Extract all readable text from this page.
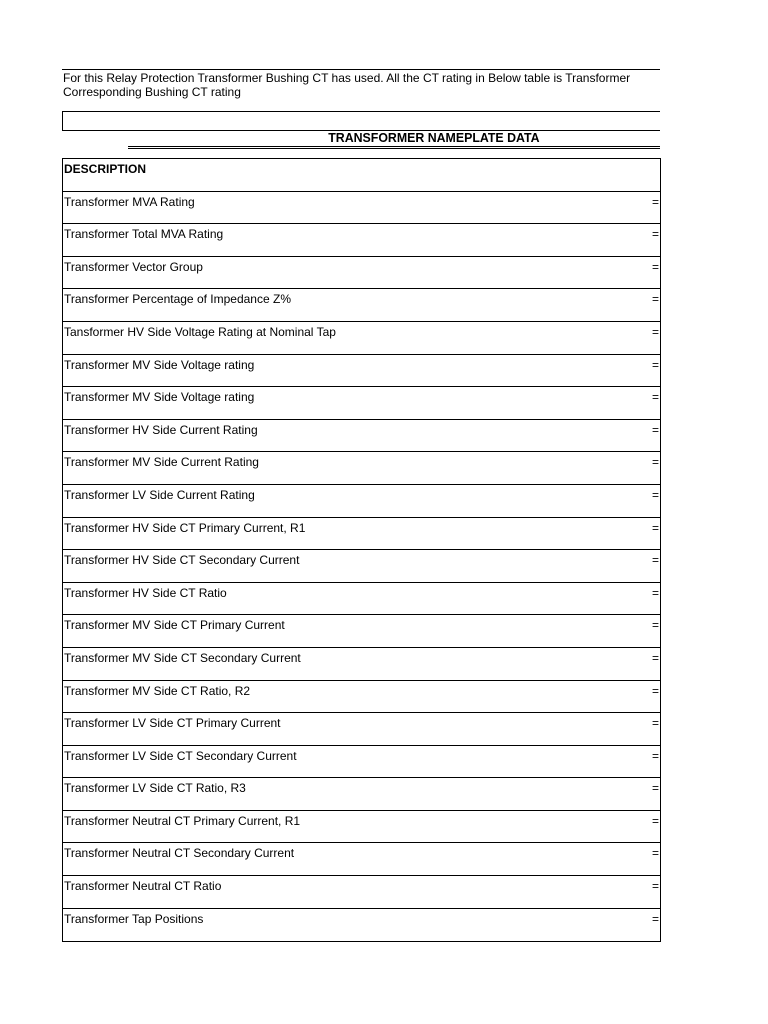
For this Relay Protection Transformer Bushing CT has used. All the CT rating in Below table is Transformer Corresponding Bushing CT rating
TRANSFORMER NAMEPLATE DATA
DESCRIPTION
Transformer MVA Rating	=
Transformer Total MVA Rating	=
Transformer Vector Group	=
Transformer Percentage of Impedance Z%	=
Tansformer HV Side Voltage Rating at Nominal Tap	=
Transformer MV Side Voltage rating	=
Transformer MV Side Voltage rating	=
Transformer HV Side Current Rating	=
Transformer MV Side Current Rating	=
Transformer LV Side Current Rating	=
Transformer HV Side CT Primary Current, R1	=
Transformer HV Side CT Secondary Current	=
Transformer HV Side CT Ratio	=
Transformer MV Side CT Primary Current	=
Transformer MV Side CT Secondary Current	=
Transformer MV Side CT Ratio, R2	=
Transformer LV Side CT Primary Current	=
Transformer LV Side CT Secondary Current	=
Transformer LV Side CT Ratio, R3	=
Transformer Neutral CT Primary Current, R1	=
Transformer Neutral CT Secondary Current	=
Transformer Neutral CT Ratio	=
Transformer Tap Positions	=
